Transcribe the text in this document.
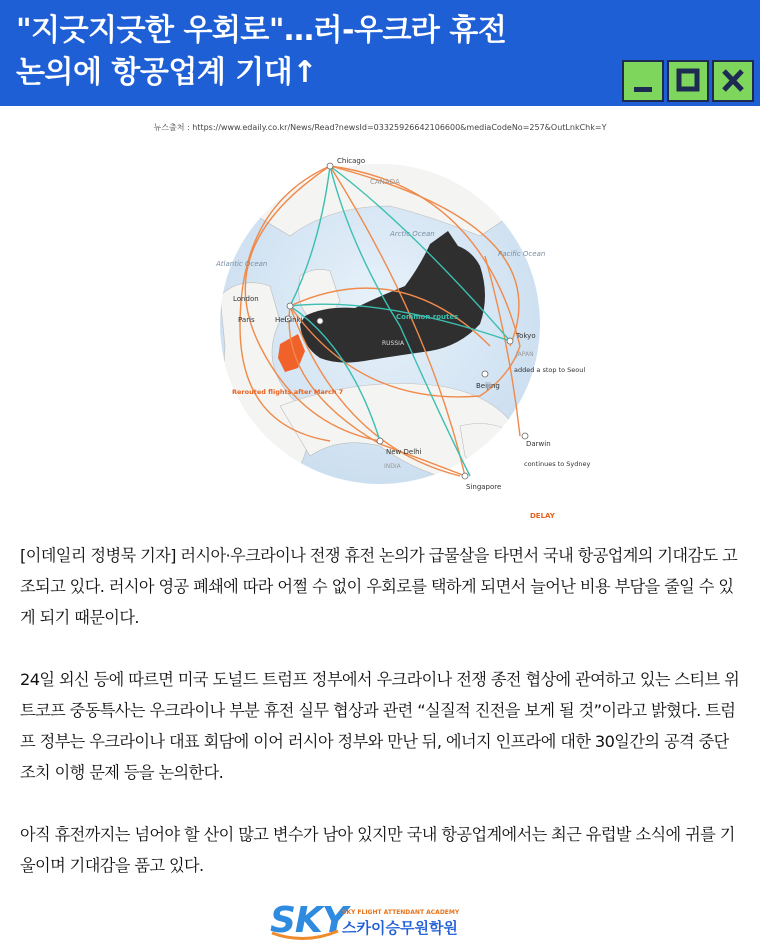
"지긋지긋한 우회로"…러-우크라 휴전
논의에 항공업계 기대↑
뉴스출처 : https://www.edaily.co.kr/News/Read?newsId=03325926642106600&mediaCodeNo=257&OutLnkChk=Y
Chicago
CANADA
Atlantic Ocean
Arctic Ocean
Pacific Ocean
London
Paris	Helsinki	Common routes
RUSSIA
Tokyo
JAPAN
added a stop to Seoul
Beijing
Rerouted flights after March 7
New Delhi
INDIA
Darwin
continues to Sydney
Singapore
DELAY

[이데일리 정병묵 기자] 러시아·우크라이나 전쟁 휴전 논의가 급물살을 타면서 국내 항공업계의 기대감도 고조되고 있다. 러시아 영공 폐쇄에 따라 어쩔 수 없이 우회로를 택하게 되면서 늘어난 비용 부담을 줄일 수 있게 되기 때문이다.

24일 외신 등에 따르면 미국 도널드 트럼프 정부에서 우크라이나 전쟁 종전 협상에 관여하고 있는 스티브 위트코프 중동특사는 우크라이나 부분 휴전 실무 협상과 관련 “실질적 진전을 보게 될 것”이라고 밝혔다. 트럼프 정부는 우크라이나 대표 회담에 이어 러시아 정부와 만난 뒤, 에너지 인프라에 대한 30일간의 공격 중단 조치 이행 문제 등을 논의한다.

아직 휴전까지는 넘어야 할 산이 많고 변수가 남아 있지만 국내 항공업계에서는 최근 유럽발 소식에 귀를 기울이며 기대감을 품고 있다.

SKY
SKY FLIGHT ATTENDANT ACADEMY
스카이승무원학원
